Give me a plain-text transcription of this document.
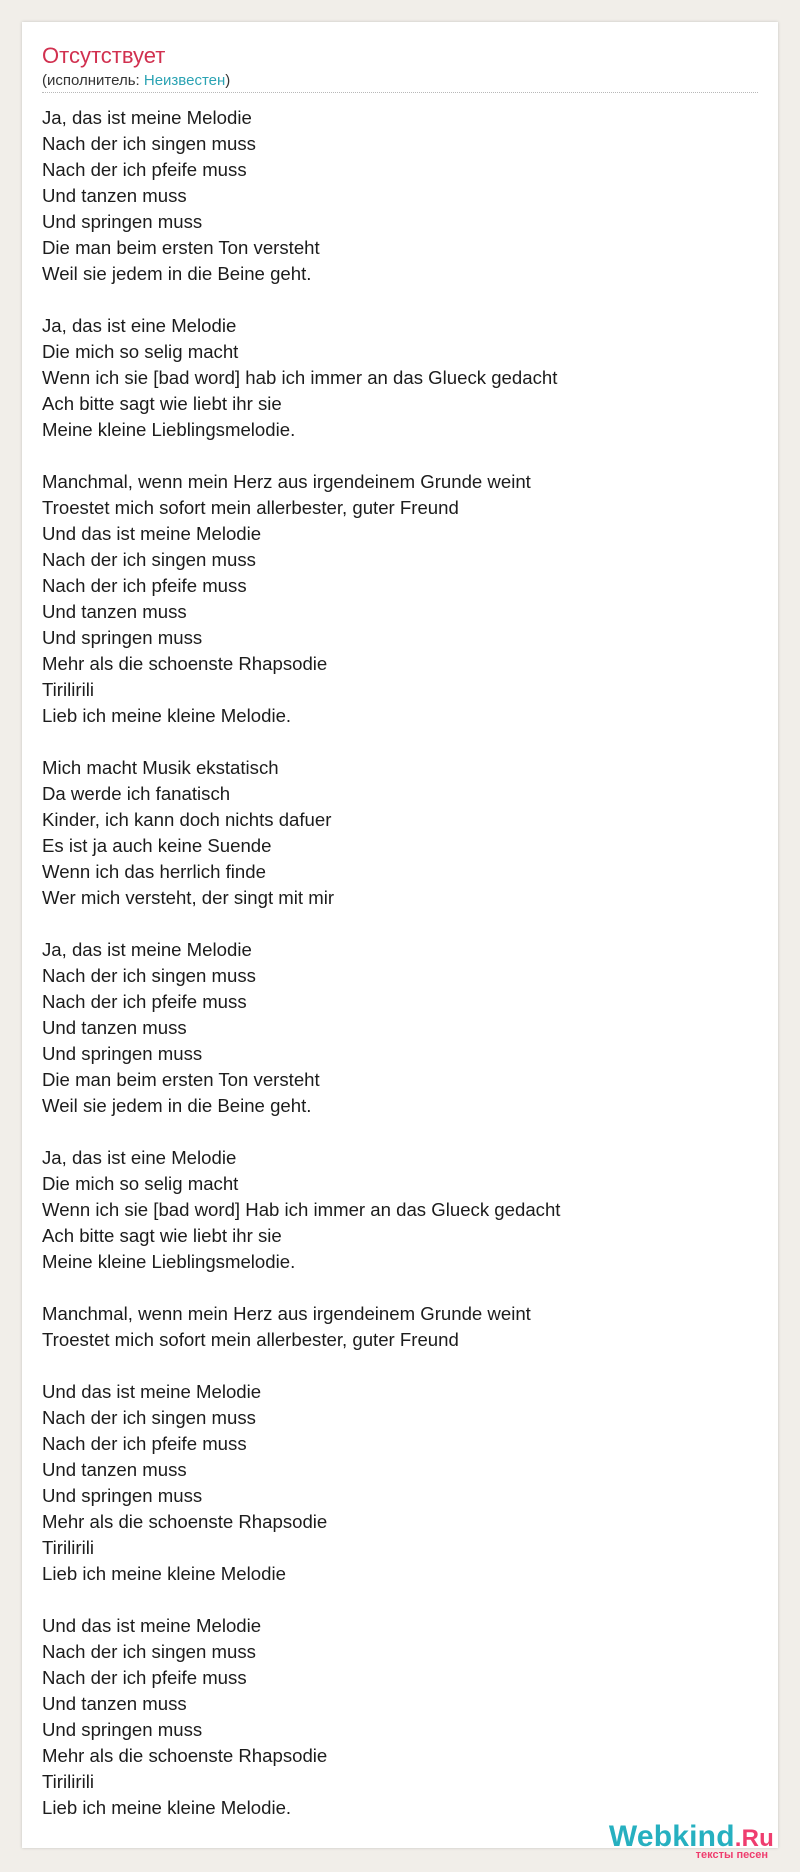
Отсутствует
(исполнитель: Неизвестен)
Ja, das ist meine Melodie
Nach der ich singen muss
Nach der ich pfeife muss
Und tanzen muss
Und springen muss
Die man beim ersten Ton versteht
Weil sie jedem in die Beine geht.
Ja, das ist eine Melodie
Die mich so selig macht
Wenn ich sie [bad word] hab ich immer an das Glueck gedacht
Ach bitte sagt wie liebt ihr sie
Meine kleine Lieblingsmelodie.
Manchmal, wenn mein Herz aus irgendeinem Grunde weint
Troestet mich sofort mein allerbester, guter Freund
Und das ist meine Melodie
Nach der ich singen muss
Nach der ich pfeife muss
Und tanzen muss
Und springen muss
Mehr als die schoenste Rhapsodie
Tirilirili
Lieb ich meine kleine Melodie.
Mich macht Musik ekstatisch
Da werde ich fanatisch
Kinder, ich kann doch nichts dafuer
Es ist ja auch keine Suende
Wenn ich das herrlich finde
Wer mich versteht, der singt mit mir
Ja, das ist meine Melodie
Nach der ich singen muss
Nach der ich pfeife muss
Und tanzen muss
Und springen muss
Die man beim ersten Ton versteht
Weil sie jedem in die Beine geht.
Ja, das ist eine Melodie
Die mich so selig macht
Wenn ich sie [bad word] Hab ich immer an das Glueck gedacht
Ach bitte sagt wie liebt ihr sie
Meine kleine Lieblingsmelodie.
Manchmal, wenn mein Herz aus irgendeinem Grunde weint
Troestet mich sofort mein allerbester, guter Freund
Und das ist meine Melodie
Nach der ich singen muss
Nach der ich pfeife muss
Und tanzen muss
Und springen muss
Mehr als die schoenste Rhapsodie
Tirilirili
Lieb ich meine kleine Melodie
Und das ist meine Melodie
Nach der ich singen muss
Nach der ich pfeife muss
Und tanzen muss
Und springen muss
Mehr als die schoenste Rhapsodie
Tirilirili
Lieb ich meine kleine Melodie.
Webkind.Ru
тексты песен
